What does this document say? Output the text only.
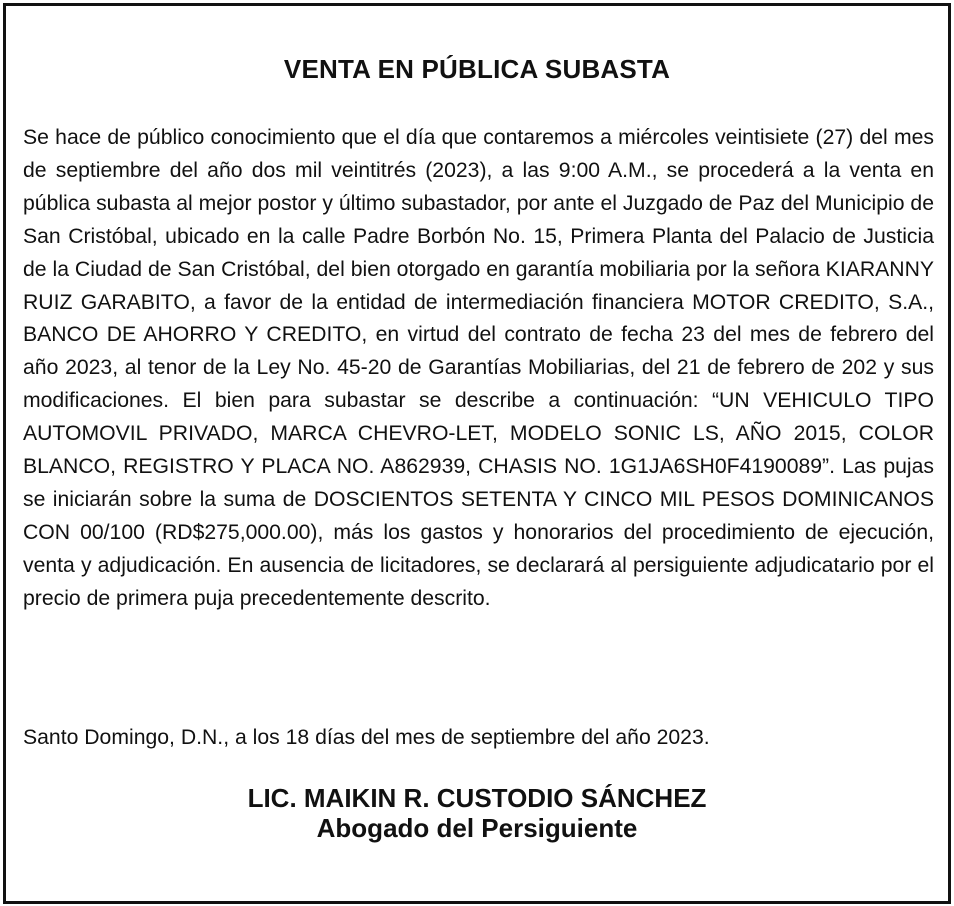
VENTA EN PÚBLICA SUBASTA

Se hace de público conocimiento que el día que contaremos a miércoles veintisiete (27) del mes de septiembre del año dos mil veintitrés (2023), a las 9:00 A.M., se procederá a la venta en pública subasta al mejor postor y último subastador, por ante el Juzgado de Paz del Municipio de San Cristóbal, ubicado en la calle Padre Borbón No. 15, Primera Planta del Palacio de Justicia de la Ciudad de San Cristóbal, del bien otorgado en garantía mobiliaria por la señora KIARANNY RUIZ GARABITO, a favor de la entidad de intermediación financiera MOTOR CREDITO, S.A., BANCO DE AHORRO Y CREDITO, en virtud del contrato de fecha 23 del mes de febrero del año 2023, al tenor de la Ley No. 45-20 de Garantías Mobiliarias, del 21 de febrero de 202 y sus modificaciones. El bien para subastar se describe a continuación: “UN VEHICULO TIPO AUTOMOVIL PRIVADO, MARCA CHEVRO-LET, MODELO SONIC LS, AÑO 2015, COLOR BLANCO, REGISTRO Y PLACA NO. A862939, CHASIS NO. 1G1JA6SH0F4190089”. Las pujas se iniciarán sobre la suma de DOSCIENTOS SETENTA Y CINCO MIL PESOS DOMINICANOS CON 00/100 (RD$275,000.00), más los gastos y honorarios del procedimiento de ejecución, venta y adjudicación. En ausencia de licitadores, se declarará al persiguiente adjudicatario por el precio de primera puja precedentemente descrito.

Santo Domingo, D.N., a los 18 días del mes de septiembre del año 2023.

LIC. MAIKIN R. CUSTODIO SÁNCHEZ

Abogado del Persiguiente
